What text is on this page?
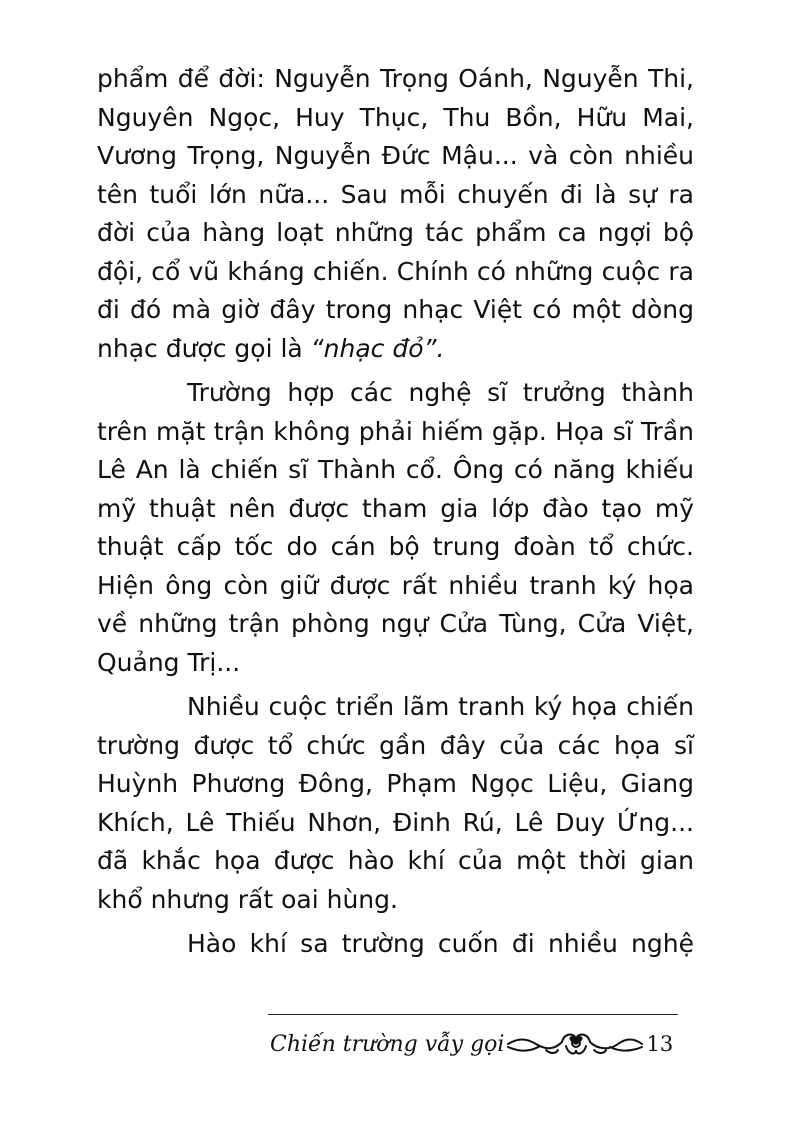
phẩm để đời: Nguyễn Trọng Oánh, Nguyễn Thi,
Nguyên Ngọc, Huy Thục, Thu Bồn, Hữu Mai,
Vương Trọng, Nguyễn Đức Mậu... và còn nhiều
tên tuổi lớn nữa... Sau mỗi chuyến đi là sự ra
đời của hàng loạt những tác phẩm ca ngợi bộ
đội, cổ vũ kháng chiến. Chính có những cuộc ra
đi đó mà giờ đây trong nhạc Việt có một dòng
nhạc được gọi là “nhạc đỏ”.
Trường hợp các nghệ sĩ trưởng thành
trên mặt trận không phải hiếm gặp. Họa sĩ Trần
Lê An là chiến sĩ Thành cổ. Ông có năng khiếu
mỹ thuật nên được tham gia lớp đào tạo mỹ
thuật cấp tốc do cán bộ trung đoàn tổ chức.
Hiện ông còn giữ được rất nhiều tranh ký họa
về những trận phòng ngự Cửa Tùng, Cửa Việt,
Quảng Trị...
Nhiều cuộc triển lãm tranh ký họa chiến
trường được tổ chức gần đây của các họa sĩ
Huỳnh Phương Đông, Phạm Ngọc Liệu, Giang
Khích, Lê Thiếu Nhơn, Đinh Rú, Lê Duy Ứng...
đã khắc họa được hào khí của một thời gian
khổ nhưng rất oai hùng.
Hào khí sa trường cuốn đi nhiều nghệ
Chiến trường vẫy gọi	13
